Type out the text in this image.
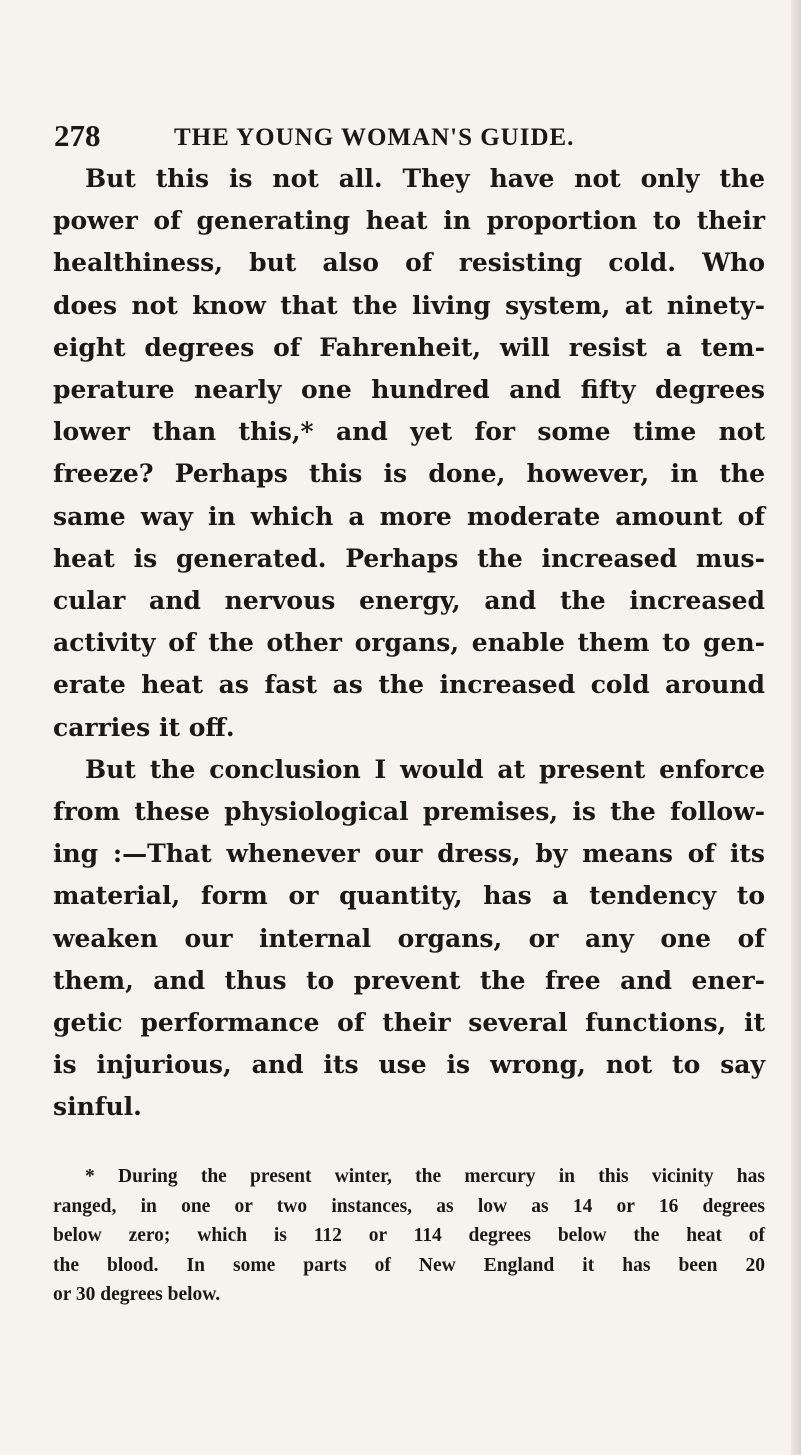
278	THE YOUNG WOMAN'S GUIDE.
But this is not all. They have not only the
power of generating heat in proportion to their
healthiness, but also of resisting cold. Who
does not know that the living system, at ninety-
eight degrees of Fahrenheit, will resist a tem-
perature nearly one hundred and fifty degrees
lower than this,* and yet for some time not
freeze? Perhaps this is done, however, in the
same way in which a more moderate amount of
heat is generated. Perhaps the increased mus-
cular and nervous energy, and the increased
activity of the other organs, enable them to gen-
erate heat as fast as the increased cold around
carries it off.
But the conclusion I would at present enforce
from these physiological premises, is the follow-
ing :—That whenever our dress, by means of its
material, form or quantity, has a tendency to
weaken our internal organs, or any one of
them, and thus to prevent the free and ener-
getic performance of their several functions, it
is injurious, and its use is wrong, not to say
sinful.
* During the present winter, the mercury in this vicinity has
ranged, in one or two instances, as low as 14 or 16 degrees
below zero; which is 112 or 114 degrees below the heat of
the blood. In some parts of New England it has been 20
or 30 degrees below.
